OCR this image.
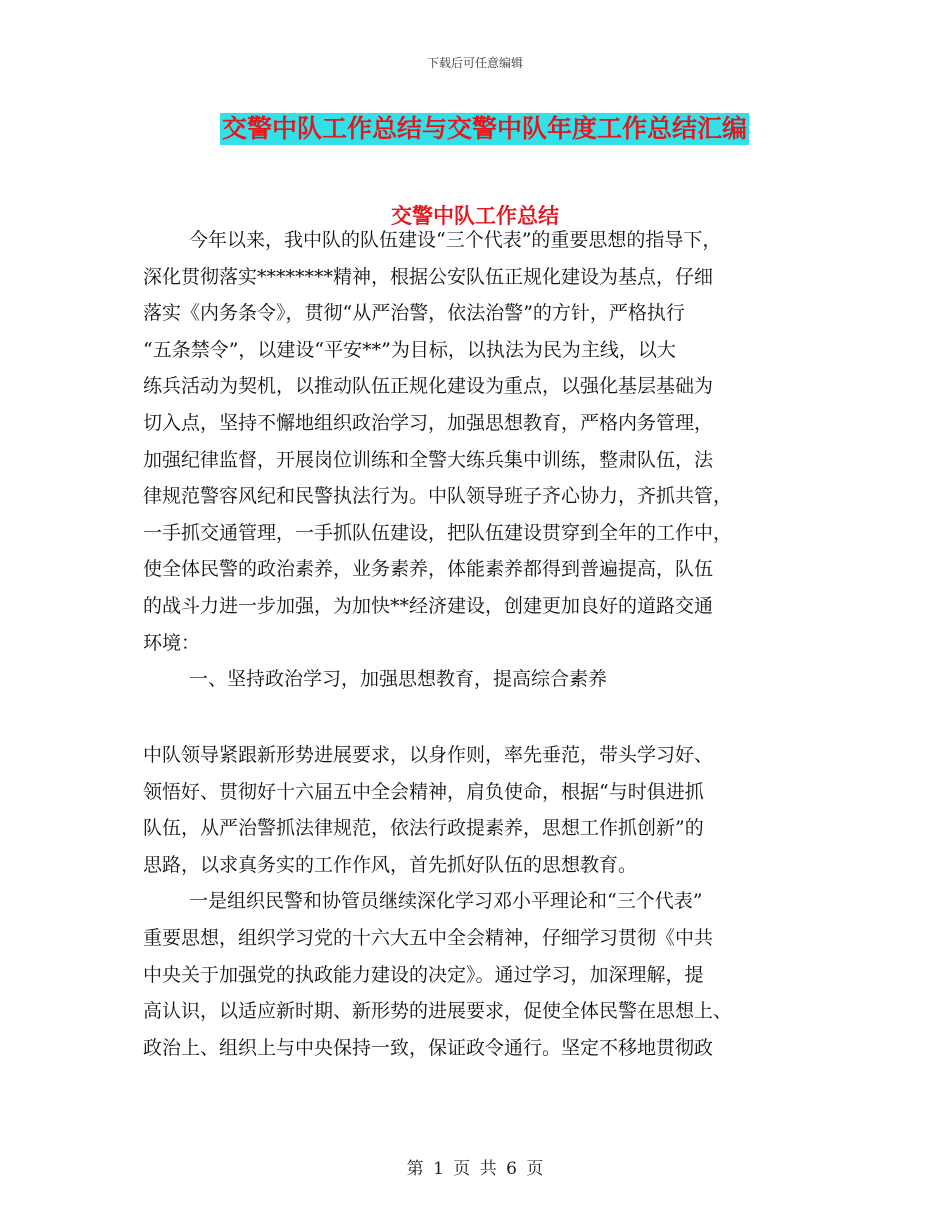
下载后可任意编辑
交警中队工作总结与交警中队年度工作总结汇编
交警中队工作总结
今年以来，我中队的队伍建设“三个代表”的重要思想的指导下，
深化贯彻落实********精神，根据公安队伍正规化建设为基点，仔细
落实《内务条令》，贯彻“从严治警，依法治警”的方针，严格执行
“五条禁令”，以建设“平安**”为目标，以执法为民为主线，以大
练兵活动为契机，以推动队伍正规化建设为重点，以强化基层基础为
切入点，坚持不懈地组织政治学习，加强思想教育，严格内务管理，
加强纪律监督，开展岗位训练和全警大练兵集中训练，整肃队伍，法
律规范警容风纪和民警执法行为。中队领导班子齐心协力，齐抓共管，
一手抓交通管理，一手抓队伍建设，把队伍建设贯穿到全年的工作中，
使全体民警的政治素养，业务素养，体能素养都得到普遍提高，队伍
的战斗力进一步加强，为加快**经济建设，创建更加良好的道路交通
环境：
一、坚持政治学习，加强思想教育，提高综合素养
中队领导紧跟新形势进展要求，以身作则，率先垂范，带头学习好、
领悟好、贯彻好十六届五中全会精神，肩负使命，根据“与时俱进抓
队伍，从严治警抓法律规范，依法行政提素养，思想工作抓创新”的
思路，以求真务实的工作作风，首先抓好队伍的思想教育。
一是组织民警和协管员继续深化学习邓小平理论和“三个代表”
重要思想，组织学习党的十六大五中全会精神，仔细学习贯彻《中共
中央关于加强党的执政能力建设的决定》。通过学习，加深理解，提
高认识，以适应新时期、新形势的进展要求，促使全体民警在思想上、
政治上、组织上与中央保持一致，保证政令通行。坚定不移地贯彻政
第 1 页 共 6 页
